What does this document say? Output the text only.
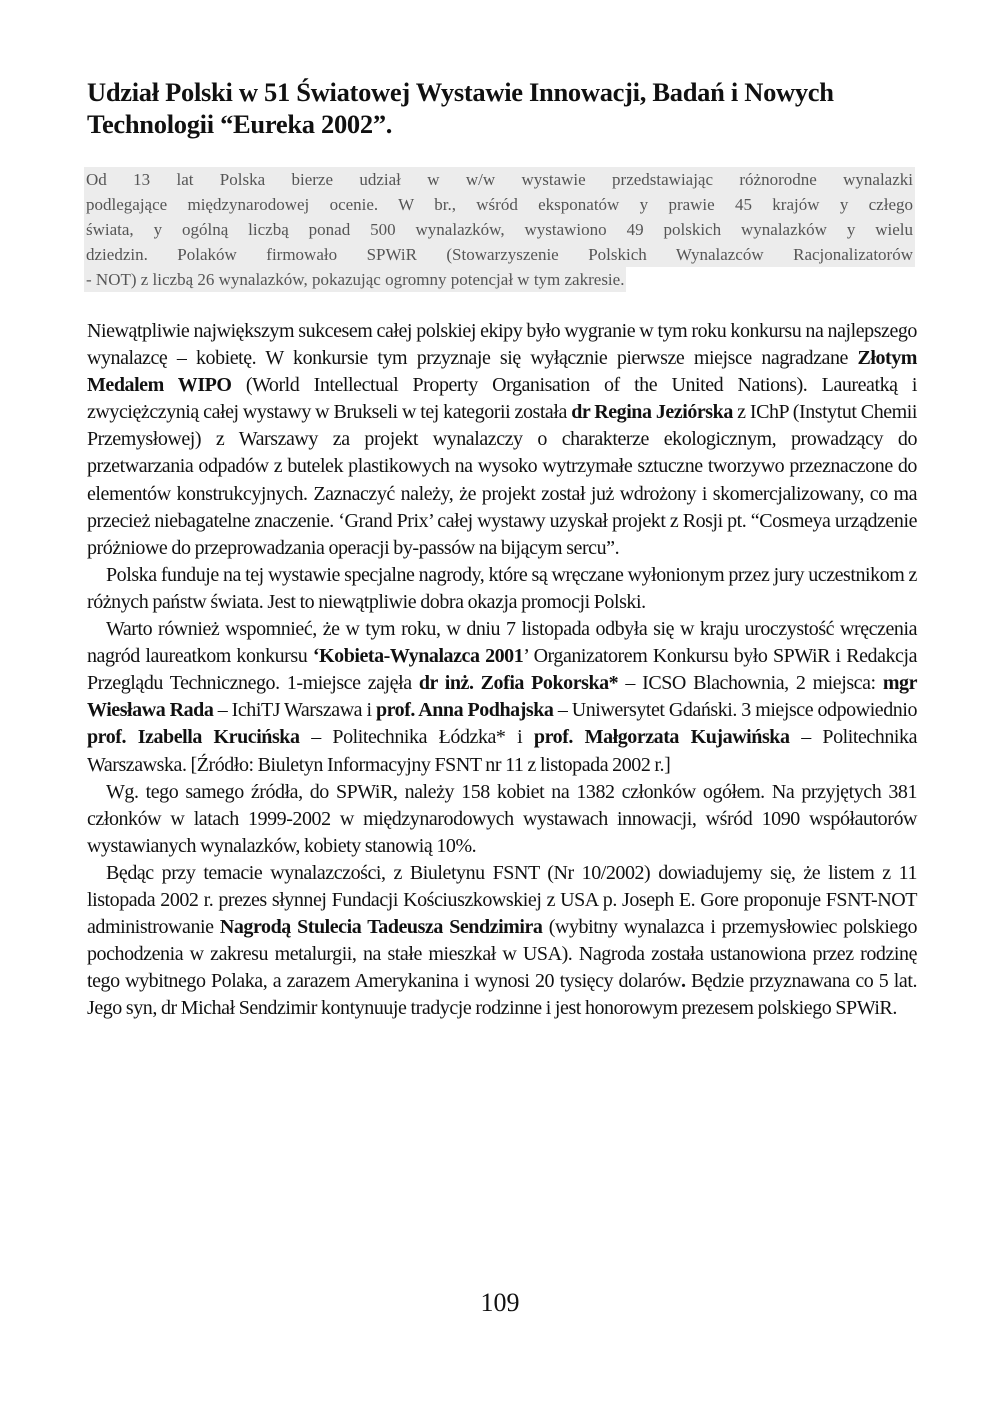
Udział Polski w 51 Światowej Wystawie Innowacji, Badań i Nowych Technologii “Eureka 2002”.
Od 13 lat Polska bierze udział w w/w wystawie przedstawiając różnorodne wynalazki
podlegające międzynarodowej ocenie. W br., wśród eksponatów y prawie 45 krajów y człego
świata, y ogólną liczbą ponad 500 wynalazków, wystawiono 49 polskich wynalazków y wielu
dziedzin. Polaków firmowało SPWiR (Stowarzyszenie Polskich Wynalazców Racjonalizatorów
- NOT) z liczbą 26 wynalazków, pokazując ogromny potencjał w tym zakresie.

Niewątpliwie największym sukcesem całej polskiej ekipy było wygranie w tym roku konkursu na najlepszego wynalazcę – kobietę. W konkursie tym przyznaje się wyłącznie pierwsze miejsce nagradzane Złotym Medalem WIPO (World Intellectual Property Organisation of the United Nations). Laureatką i zwyciężczynią całej wystawy w Brukseli w tej kategorii została dr Regina Jeziórska z IChP (Instytut Chemii Przemysłowej) z Warszawy za projekt wynalazczy o charakterze ekologicznym, prowadzący do przetwarzania odpadów z butelek plastikowych na wysoko wytrzymałe sztuczne tworzywo przeznaczone do elementów konstrukcyjnych. Zaznaczyć należy, że projekt został już wdrożony i skomercjalizowany, co ma przecież niebagatelne znaczenie. ‘Grand Prix’ całej wystawy uzyskał projekt z Rosji pt. “Cosmeya urządzenie próżniowe do przeprowadzania operacji by-passów na bijącym sercu”.

Polska funduje na tej wystawie specjalne nagrody, które są wręczane wyłonionym przez jury uczestnikom z różnych państw świata. Jest to niewątpliwie dobra okazja promocji Polski.

Warto również wspomnieć, że w tym roku, w dniu 7 listopada odbyła się w kraju uroczystość wręczenia nagród laureatkom konkursu ‘Kobieta-Wynalazca 2001’ Organizatorem Konkursu było SPWiR i Redakcja Przeglądu Technicznego. 1-miejsce zajęła dr inż. Zofia Pokorska* – ICSO Blachownia, 2 miejsca: mgr Wiesława Rada – IchiTJ Warszawa i prof. Anna Podhajska – Uniwersytet Gdański. 3 miejsce odpowiednio prof. Izabella Krucińska – Politechnika Łódzka* i prof. Małgorzata Kujawińska – Politechnika Warszawska. [Źródło: Biuletyn Informacyjny FSNT nr 11 z listopada 2002 r.]

Wg. tego samego źródła, do SPWiR, należy 158 kobiet na 1382 członków ogółem. Na przyjętych 381 członków w latach 1999-2002 w międzynarodowych wystawach innowacji, wśród 1090 współautorów wystawianych wynalazków, kobiety stanowią 10%.

Będąc przy temacie wynalazczości, z Biuletynu FSNT (Nr 10/2002) dowiadujemy się, że listem z 11 listopada 2002 r. prezes słynnej Fundacji Kościuszkowskiej z USA p. Joseph E. Gore proponuje FSNT-NOT administrowanie Nagrodą Stulecia Tadeusza Sendzimira (wybitny wynalazca i przemysłowiec polskiego pochodzenia w zakresu metalurgii, na stałe mieszkał w USA). Nagroda została ustanowiona przez rodzinę tego wybitnego Polaka, a zarazem Amerykanina i wynosi 20 tysięcy dolarów. Będzie przyznawana co 5 lat. Jego syn, dr Michał Sendzimir kontynuuje tradycje rodzinne i jest honorowym prezesem polskiego SPWiR.

109
